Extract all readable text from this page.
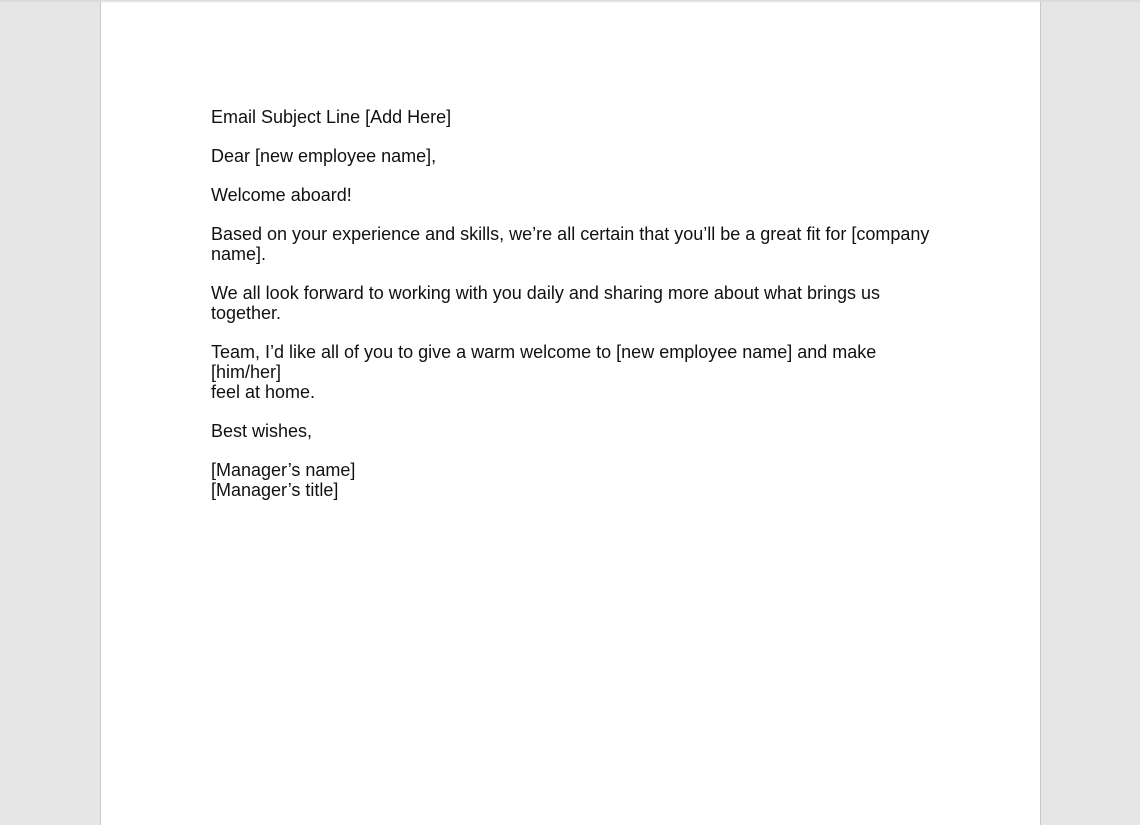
Email Subject Line [Add Here]

Dear [new employee name],

Welcome aboard!

Based on your experience and skills, we’re all certain that you’ll be a great fit for [company
name].

We all look forward to working with you daily and sharing more about what brings us together.

Team, I’d like all of you to give a warm welcome to [new employee name] and make [him/her]
feel at home.

Best wishes,

[Manager’s name]
[Manager’s title]
